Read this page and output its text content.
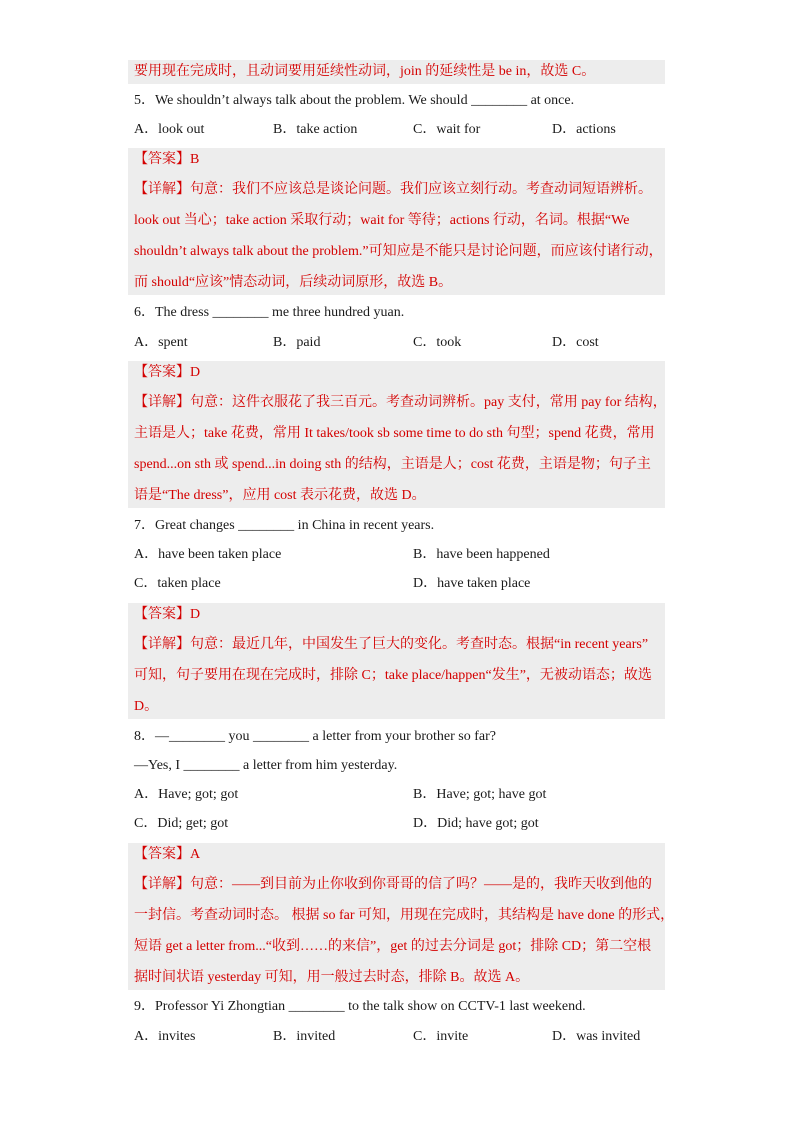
要用现在完成时，且动词要用延续性动词，join 的延续性是 be in，故选 C。
5．We shouldn’t always talk about the problem. We should ________ at once.
A．look out	B．take action	C．wait for	D．actions
【答案】B
【详解】句意：我们不应该总是谈论问题。我们应该立刻行动。考查动词短语辨析。
look out 当心；take action 采取行动；wait for 等待；actions 行动，名词。根据“We
shouldn’t always talk about the problem.”可知应是不能只是讨论问题，而应该付诸行动，
而 should“应该”情态动词，后续动词原形，故选 B。
6．The dress ________ me three hundred yuan.
A．spent	B．paid	C．took	D．cost
【答案】D
【详解】句意：这件衣服花了我三百元。考查动词辨析。pay 支付，常用 pay for 结构，
主语是人；take 花费，常用 It takes/took sb some time to do sth 句型；spend 花费，常用
spend...on sth 或 spend...in doing sth 的结构，主语是人；cost 花费，主语是物；句子主
语是“The dress”，应用 cost 表示花费，故选 D。
7．Great changes ________ in China in recent years.
A．have been taken place	B．have been happened
C．taken place	D．have taken place
【答案】D
【详解】句意：最近几年，中国发生了巨大的变化。考查时态。根据“in recent years”
可知，句子要用在现在完成时，排除 C；take place/happen“发生”，无被动语态；故选
D。
8．—________ you ________ a letter from your brother so far?
—Yes, I ________ a letter from him yesterday.
A．Have; got; got	B．Have; got; have got
C．Did; get; got	D．Did; have got; got
【答案】A
【详解】句意：——到目前为止你收到你哥哥的信了吗？——是的，我昨天收到他的
一封信。考查动词时态。 根据 so far 可知，用现在完成时，其结构是 have done 的形式，
短语 get a letter from...“收到……的来信”，get 的过去分词是 got；排除 CD；第二空根
据时间状语 yesterday 可知，用一般过去时态，排除 B。故选 A。
9．Professor Yi Zhongtian ________ to the talk show on CCTV-1 last weekend.
A．invites	B．invited	C．invite	D．was invited
